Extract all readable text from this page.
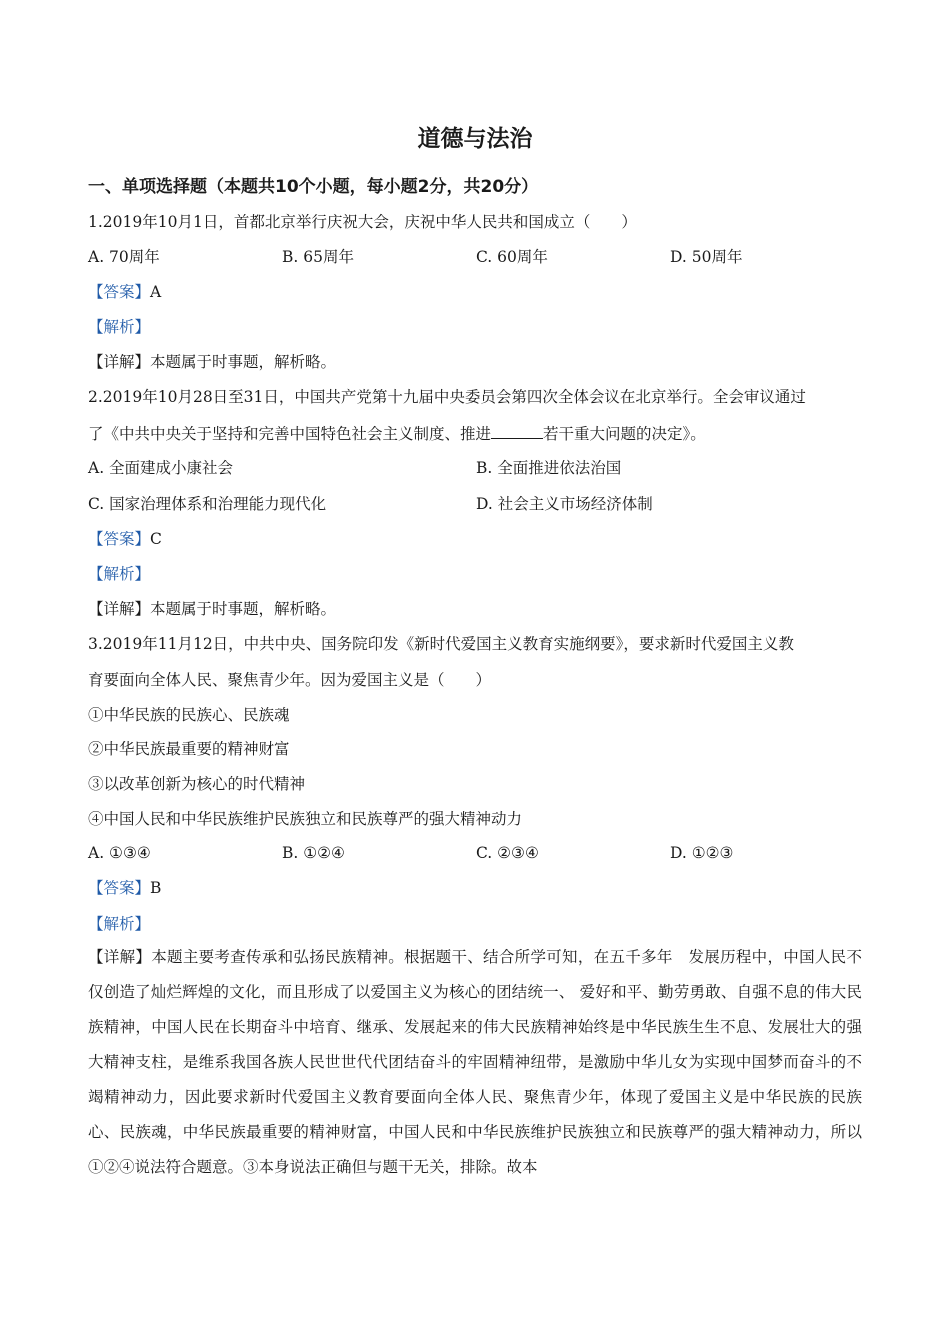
道德与法治
一、单项选择题（本题共10个小题，每小题2分，共20分）
1.2019年10月1日，首都北京举行庆祝大会，庆祝中华人民共和国成立（　　）
A. 70周年	B. 65周年	C. 60周年	D. 50周年
【答案】A
【解析】
【详解】本题属于时事题，解析略。
2.2019年10月28日至31日，中国共产党第十九届中央委员会第四次全体会议在北京举行。全会审议通过
了《中共中央关于坚持和完善中国特色社会主义制度、推进	若干重大问题的决定》。
A. 全面建成小康社会	B. 全面推进依法治国
C. 国家治理体系和治理能力现代化	D. 社会主义市场经济体制
【答案】C
【解析】
【详解】本题属于时事题，解析略。
3.2019年11月12日，中共中央、国务院印发《新时代爱国主义教育实施纲要》，要求新时代爱国主义教
育要面向全体人民、聚焦青少年。因为爱国主义是（　　）
①中华民族的民族心、民族魂
②中华民族最重要的精神财富
③以改革创新为核心的时代精神
④中国人民和中华民族维护民族独立和民族尊严的强大精神动力
A. ①③④	B. ①②④	C. ②③④	D. ①②③
【答案】B
【解析】
【详解】本题主要考查传承和弘扬民族精神。根据题干、结合所学可知，在五千多年　发展历程中，中国人民不仅创造了灿烂辉煌的文化，而且形成了以爱国主义为核心的团结统一、 爱好和平、勤劳勇敢、自强不息的伟大民族精神，中国人民在长期奋斗中培育、继承、发展起来的伟大民族精神始终是中华民族生生不息、发展壮大的强大精神支柱，是维系我国各族人民世世代代团结奋斗的牢固精神纽带，是激励中华儿女为实现中国梦而奋斗的不竭精神动力，因此要求新时代爱国主义教育要面向全体人民、聚焦青少年，体现了爱国主义是中华民族的民族心、民族魂，中华民族最重要的精神财富，中国人民和中华民族维护民族独立和民族尊严的强大精神动力，所以①②④说法符合题意。③本身说法正确但与题干无关，排除。故本
